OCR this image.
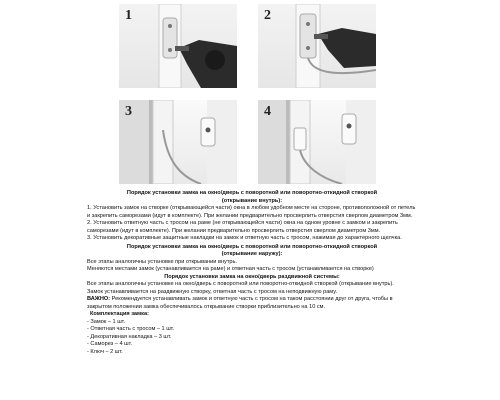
1	2
3	4

Порядок установки замка на окно/дверь с поворотной или поворотно-откидной створкой

(открывание внутрь):

1. Установить замок на створке (открывающейся части) окна в любом удобном месте на стороне, противоположной от петель и закрепить саморезами (идут в комплекте). При желании предварительно просверлить отверстия сверлом диаметром 3мм.

2. Установить ответную часть с тросом на раме (не открывающейся части) окна на одном уровне с замком и закрепить саморезами (идут в комплекте). При желании предварительно просверлить отверстия сверлом диаметром 3мм.

3. Установить декоративные защитные накладки на замок и ответную часть с тросом, нажимая до характерного щелчка.

Порядок установки замка на окно/дверь с поворотной или поворотно-откидной створкой

(открывание наружу):

Все этапы аналогичны установке при открывании внутрь.

Меняются местами замок (устанавливается на раме) и ответная часть с тросом (устанавливается на створке)

Порядок установки замка на окно/дверь раздвижной системы:

Все этапы аналогичны установке на окно/дверь с поворотной или поворотно-откидной створкой (открывание внутрь).

Замок устанавливается на раздвижную створку, ответная часть с тросом на неподвижную раму.

ВАЖНО: Рекомендуется устанавливать замок и ответную часть с тросом на таком расстоянии друг от друга, чтобы в закрытом положении замка обеспечивалось открывание створки приблизительно на 10 см.

Комплектация замка:

- Замок – 1 шт.

- Ответная часть с тросом – 1 шт.

- Декоративная накладка – 3 шт.

- Саморез – 4 шт.

- Ключ – 2 шт.
